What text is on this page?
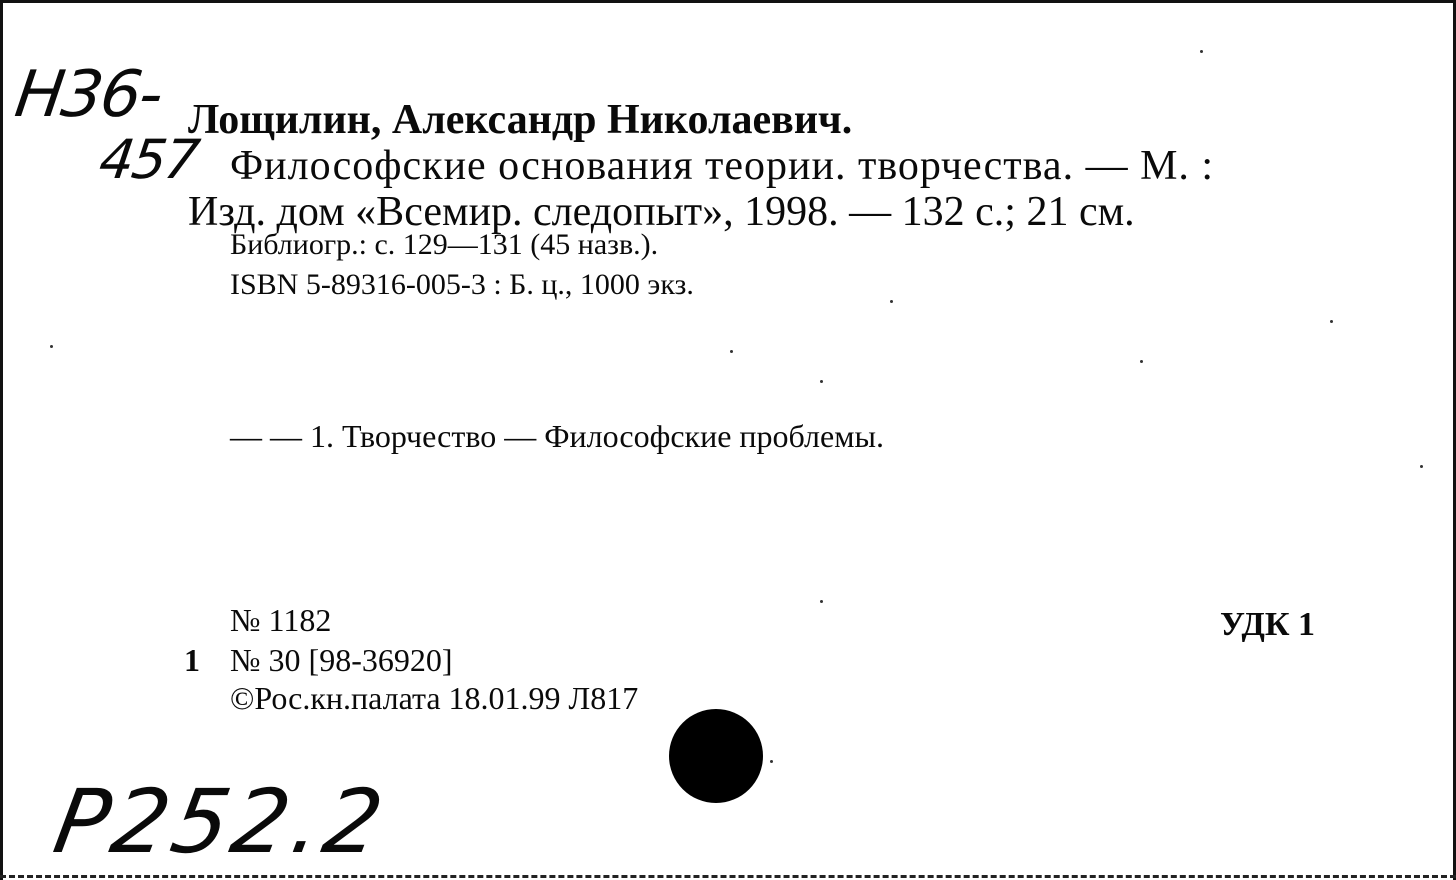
Н36-
457
Лощилин, Александр Николаевич.
Философские основания теории. творчества. — М. :
Изд. дом «Всемир. следопыт», 1998. — 132 с.; 21 см.
Библиогр.: с. 129—131 (45 назв.).
ISBN 5-89316-005-3 : Б. ц., 1000 экз.
— — 1. Творчество — Философские проблемы.
№ 1182
1 № 30 [98-36920]
©Рос.кн.палата 18.01.99 Л817
УДК 1
Р252.2
